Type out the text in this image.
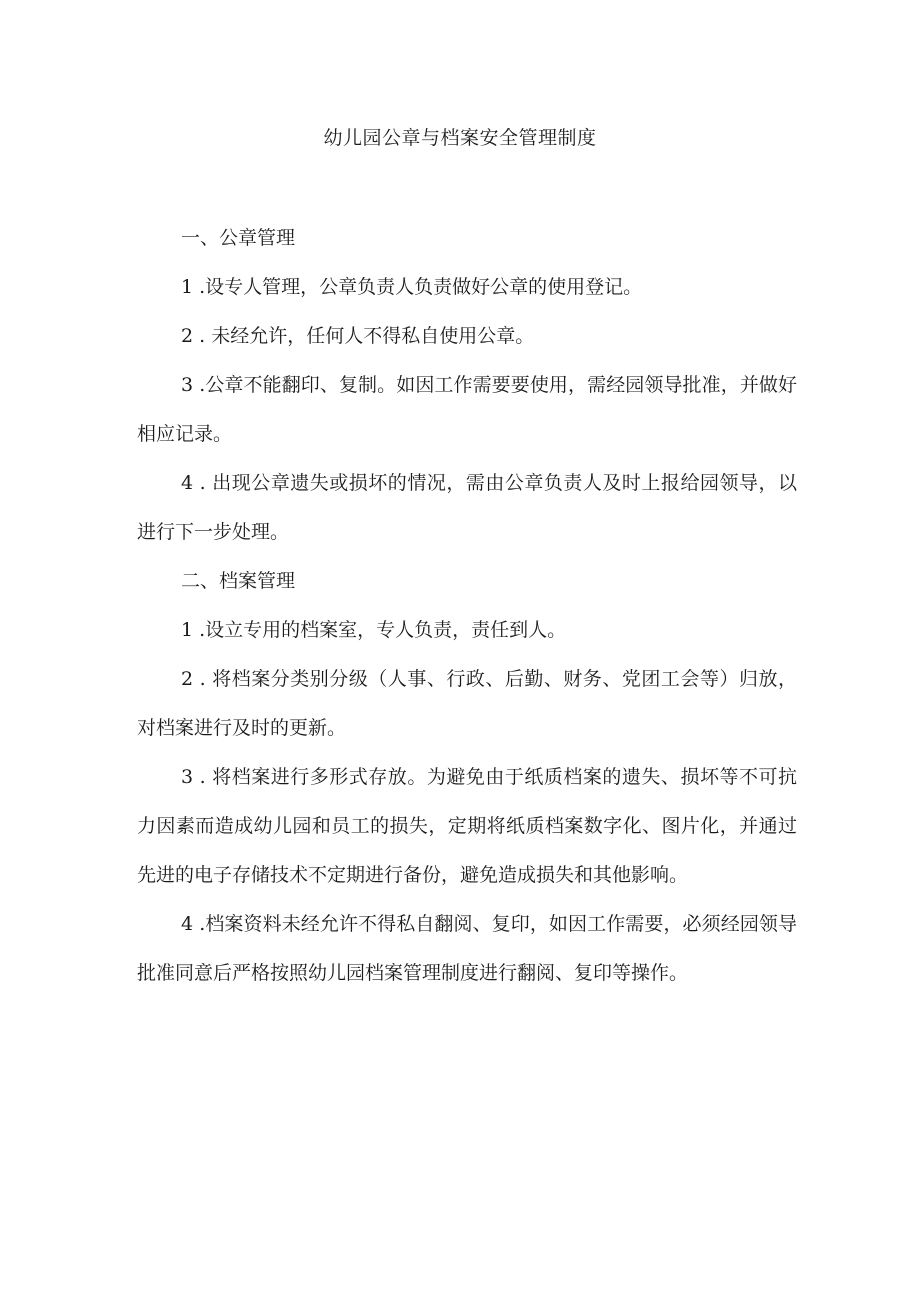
幼儿园公章与档案安全管理制度

一、公章管理

1 .设专人管理，公章负责人负责做好公章的使用登记。

2 . 未经允许，任何人不得私自使用公章。

3 .公章不能翻印、复制。如因工作需要要使用，需经园领导批准，并做好相应记录。

4 . 出现公章遗失或损坏的情况，需由公章负责人及时上报给园领导，以进行下一步处理。

二、档案管理

1 .设立专用的档案室，专人负责，责任到人。

2 . 将档案分类别分级（人事、行政、后勤、财务、党团工会等）归放，对档案进行及时的更新。

3 . 将档案进行多形式存放。为避免由于纸质档案的遗失、损坏等不可抗力因素而造成幼儿园和员工的损失，定期将纸质档案数字化、图片化，并通过先进的电子存储技术不定期进行备份，避免造成损失和其他影响。

4 .档案资料未经允许不得私自翻阅、复印，如因工作需要，必须经园领导批准同意后严格按照幼儿园档案管理制度进行翻阅、复印等操作。
